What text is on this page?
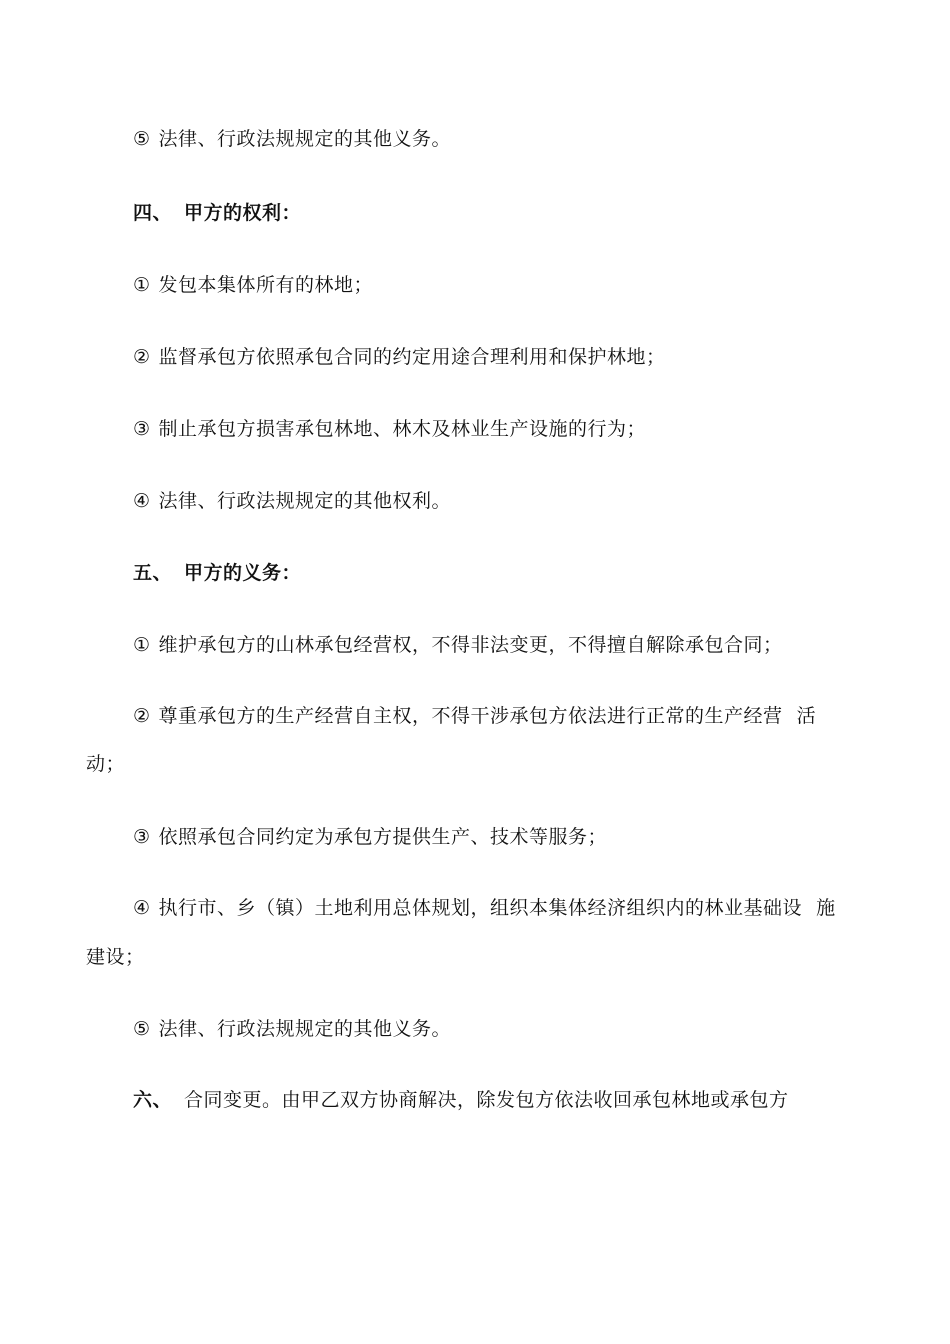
⑤ 法律、行政法规规定的其他义务。
四、 甲方的权利：
① 发包本集体所有的林地；
② 监督承包方依照承包合同的约定用途合理利用和保护林地；
③ 制止承包方损害承包林地、林木及林业生产设施的行为；
④ 法律、行政法规规定的其他权利。
五、 甲方的义务：
① 维护承包方的山林承包经营权，不得非法变更，不得擅自解除承包合同；
② 尊重承包方的生产经营自主权，不得干涉承包方依法进行正常的生产经营 活
动；
③ 依照承包合同约定为承包方提供生产、技术等服务；
④ 执行市、乡（镇）土地利用总体规划，组织本集体经济组织内的林业基础设 施
建设；
⑤ 法律、行政法规规定的其他义务。
六、 合同变更。由甲乙双方协商解决，除发包方依法收回承包林地或承包方
